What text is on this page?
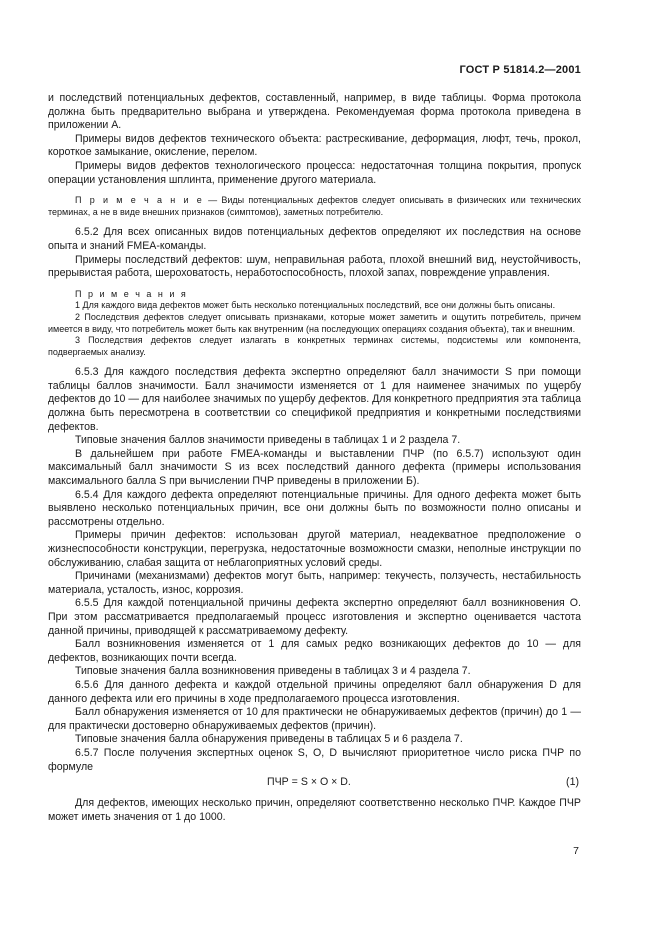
ГОСТ Р 51814.2—2001

и последствий потенциальных дефектов, составленный, например, в виде таблицы. Форма протокола должна быть предварительно выбрана и утверждена. Рекомендуемая форма протокола приведена в приложении А.

Примеры видов дефектов технического объекта: растрескивание, деформация, люфт, течь, прокол, короткое замыкание, окисление, перелом.

Примеры видов дефектов технологического процесса: недостаточная толщина покрытия, пропуск операции установления шплинта, применение другого материала.

П р и м е ч а н и е — Виды потенциальных дефектов следует описывать в физических или технических терминах, а не в виде внешних признаков (симптомов), заметных потребителю.

6.5.2 Для всех описанных видов потенциальных дефектов определяют их последствия на основе опыта и знаний FMEA-команды.

Примеры последствий дефектов: шум, неправильная работа, плохой внешний вид, неустойчивость, прерывистая работа, шероховатость, неработоспособность, плохой запах, повреждение управления.

П р и м е ч а н и я

1 Для каждого вида дефектов может быть несколько потенциальных последствий, все они должны быть описаны.

2 Последствия дефектов следует описывать признаками, которые может заметить и ощутить потребитель, причем имеется в виду, что потребитель может быть как внутренним (на последующих операциях создания объекта), так и внешним.

3 Последствия дефектов следует излагать в конкретных терминах системы, подсистемы или компонента, подвергаемых анализу.

6.5.3 Для каждого последствия дефекта экспертно определяют балл значимости S при помощи таблицы баллов значимости. Балл значимости изменяется от 1 для наименее значимых по ущербу дефектов до 10 — для наиболее значимых по ущербу дефектов. Для конкретного предприятия эта таблица должна быть пересмотрена в соответствии со спецификой предприятия и конкретными последствиями дефектов.

Типовые значения баллов значимости приведены в таблицах 1 и 2 раздела 7.

В дальнейшем при работе FMEA-команды и выставлении ПЧР (по 6.5.7) используют один максимальный балл значимости S из всех последствий данного дефекта (примеры использования максимального балла S при вычислении ПЧР приведены в приложении Б).

6.5.4 Для каждого дефекта определяют потенциальные причины. Для одного дефекта может быть выявлено несколько потенциальных причин, все они должны быть по возможности полно описаны и рассмотрены отдельно.

Примеры причин дефектов: использован другой материал, неадекватное предположение о жизнеспособности конструкции, перегрузка, недостаточные возможности смазки, неполные инструкции по обслуживанию, слабая защита от неблагоприятных условий среды.

Причинами (механизмами) дефектов могут быть, например: текучесть, ползучесть, нестабильность материала, усталость, износ, коррозия.

6.5.5 Для каждой потенциальной причины дефекта экспертно определяют балл возникновения О. При этом рассматривается предполагаемый процесс изготовления и экспертно оценивается частота данной причины, приводящей к рассматриваемому дефекту.

Балл возникновения изменяется от 1 для самых редко возникающих дефектов до 10 — для дефектов, возникающих почти всегда.

Типовые значения балла возникновения приведены в таблицах 3 и 4 раздела 7.

6.5.6 Для данного дефекта и каждой отдельной причины определяют балл обнаружения D для данного дефекта или его причины в ходе предполагаемого процесса изготовления.

Балл обнаружения изменяется от 10 для практически не обнаруживаемых дефектов (причин) до 1 — для практически достоверно обнаруживаемых дефектов (причин).

Типовые значения балла обнаружения приведены в таблицах 5 и 6 раздела 7.

6.5.7 После получения экспертных оценок S, O, D вычисляют приоритетное число риска ПЧР по формуле

ПЧР = S × O × D.	(1)

Для дефектов, имеющих несколько причин, определяют соответственно несколько ПЧР. Каждое ПЧР может иметь значения от 1 до 1000.

7
